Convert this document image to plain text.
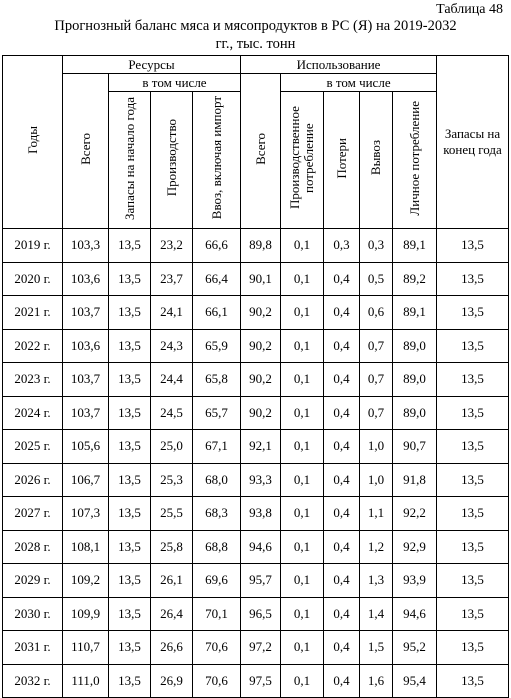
Таблица 48
Прогнозный баланс мяса и мясопродуктов в РС (Я) на 2019-2032
гг., тыс. тонн
Годы	Ресурсы				Использование					Запасы на конец года

	Всего	в том числе			Всего	в том числе				
		Запасы на начало года	Производство	Ввоз, включая импорт		Производственное потребление	Потери	Вывоз	Личное потребление	
2019 г.	103,3	13,5	23,2	66,6	89,8	0,1	0,3	0,3	89,1	13,5
2020 г.	103,6	13,5	23,7	66,4	90,1	0,1	0,4	0,5	89,2	13,5
2021 г.	103,7	13,5	24,1	66,1	90,2	0,1	0,4	0,6	89,1	13,5
2022 г.	103,6	13,5	24,3	65,9	90,2	0,1	0,4	0,7	89,0	13,5
2023 г.	103,7	13,5	24,4	65,8	90,2	0,1	0,4	0,7	89,0	13,5
2024 г.	103,7	13,5	24,5	65,7	90,2	0,1	0,4	0,7	89,0	13,5
2025 г.	105,6	13,5	25,0	67,1	92,1	0,1	0,4	1,0	90,7	13,5
2026 г.	106,7	13,5	25,3	68,0	93,3	0,1	0,4	1,0	91,8	13,5
2027 г.	107,3	13,5	25,5	68,3	93,8	0,1	0,4	1,1	92,2	13,5
2028 г.	108,1	13,5	25,8	68,8	94,6	0,1	0,4	1,2	92,9	13,5
2029 г.	109,2	13,5	26,1	69,6	95,7	0,1	0,4	1,3	93,9	13,5
2030 г.	109,9	13,5	26,4	70,1	96,5	0,1	0,4	1,4	94,6	13,5
2031 г.	110,7	13,5	26,6	70,6	97,2	0,1	0,4	1,5	95,2	13,5
2032 г.	111,0	13,5	26,9	70,6	97,5	0,1	0,4	1,6	95,4	13,5
